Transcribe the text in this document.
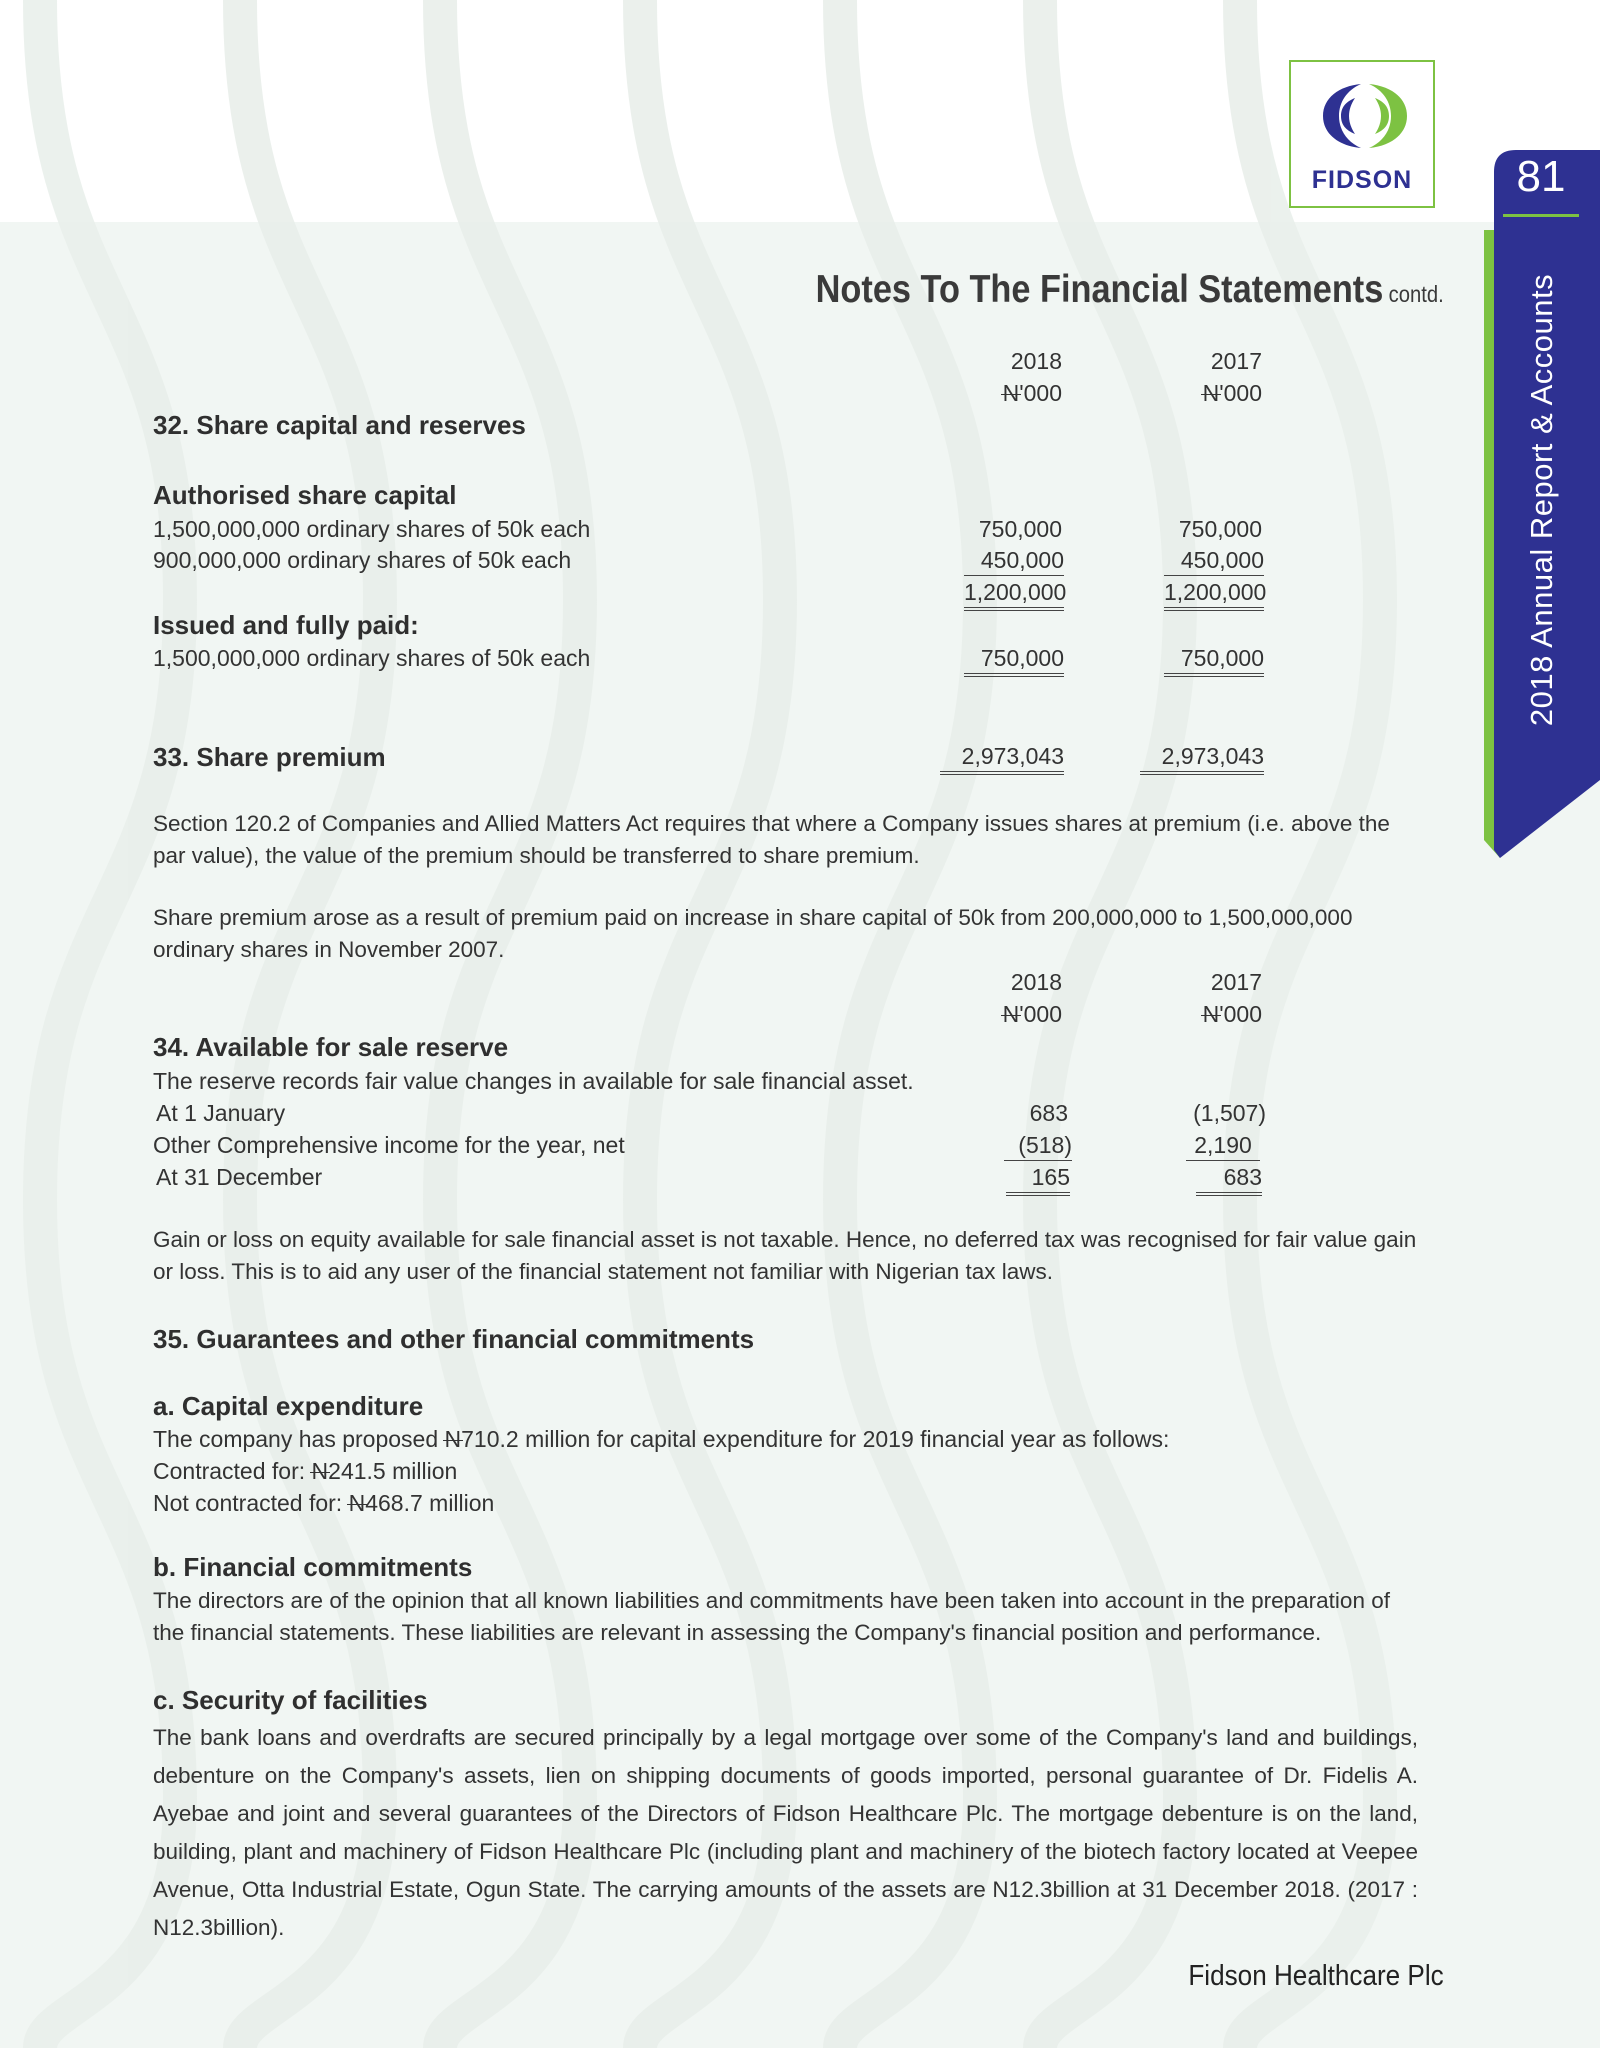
FIDSON	81
2018 Annual Report & Accounts
Notes To The Financial Statements contd.
2018	2017
N'000	N'000
32. Share capital and reserves
Authorised share capital
1,500,000,000 ordinary shares of 50k each	750,000	750,000
900,000,000 ordinary shares of 50k each	450,000	450,000
1,200,000	1,200,000
Issued and fully paid:
1,500,000,000 ordinary shares of 50k each	750,000	750,000
33. Share premium	2,973,043	2,973,043
Section 120.2 of Companies and Allied Matters Act requires that where a Company issues shares at premium (i.e. above the par value), the value of the premium should be transferred to share premium.
Share premium arose as a result of premium paid on increase in share capital of 50k from 200,000,000 to 1,500,000,000 ordinary shares in November 2007.
2018	2017
N'000	N'000
34. Available for sale reserve
The reserve records fair value changes in available for sale financial asset.
At 1 January	683	(1,507)
Other Comprehensive income for the year, net	(518)	2,190
At 31 December	165	683
Gain or loss on equity available for sale financial asset is not taxable. Hence, no deferred tax was recognised for fair value gain or loss. This is to aid any user of the financial statement not familiar with Nigerian tax laws.
35. Guarantees and other financial commitments
a. Capital expenditure
The company has proposed N710.2 million for capital expenditure for 2019 financial year as follows:
Contracted for: N241.5 million
Not contracted for: N468.7 million
b. Financial commitments
The directors are of the opinion that all known liabilities and commitments have been taken into account in the preparation of the financial statements. These liabilities are relevant in assessing the Company's financial position and performance.
c. Security of facilities
The bank loans and overdrafts are secured principally by a legal mortgage over some of the Company's land and buildings, debenture on the Company's assets, lien on shipping documents of goods imported, personal guarantee of Dr. Fidelis A. Ayebae and joint and several guarantees of the Directors of Fidson Healthcare Plc. The mortgage debenture is on the land, building, plant and machinery of Fidson Healthcare Plc (including plant and machinery of the biotech factory located at Veepee Avenue, Otta Industrial Estate, Ogun State. The carrying amounts of the assets are N12.3billion at 31 December 2018. (2017 : N12.3billion).
Fidson Healthcare Plc
